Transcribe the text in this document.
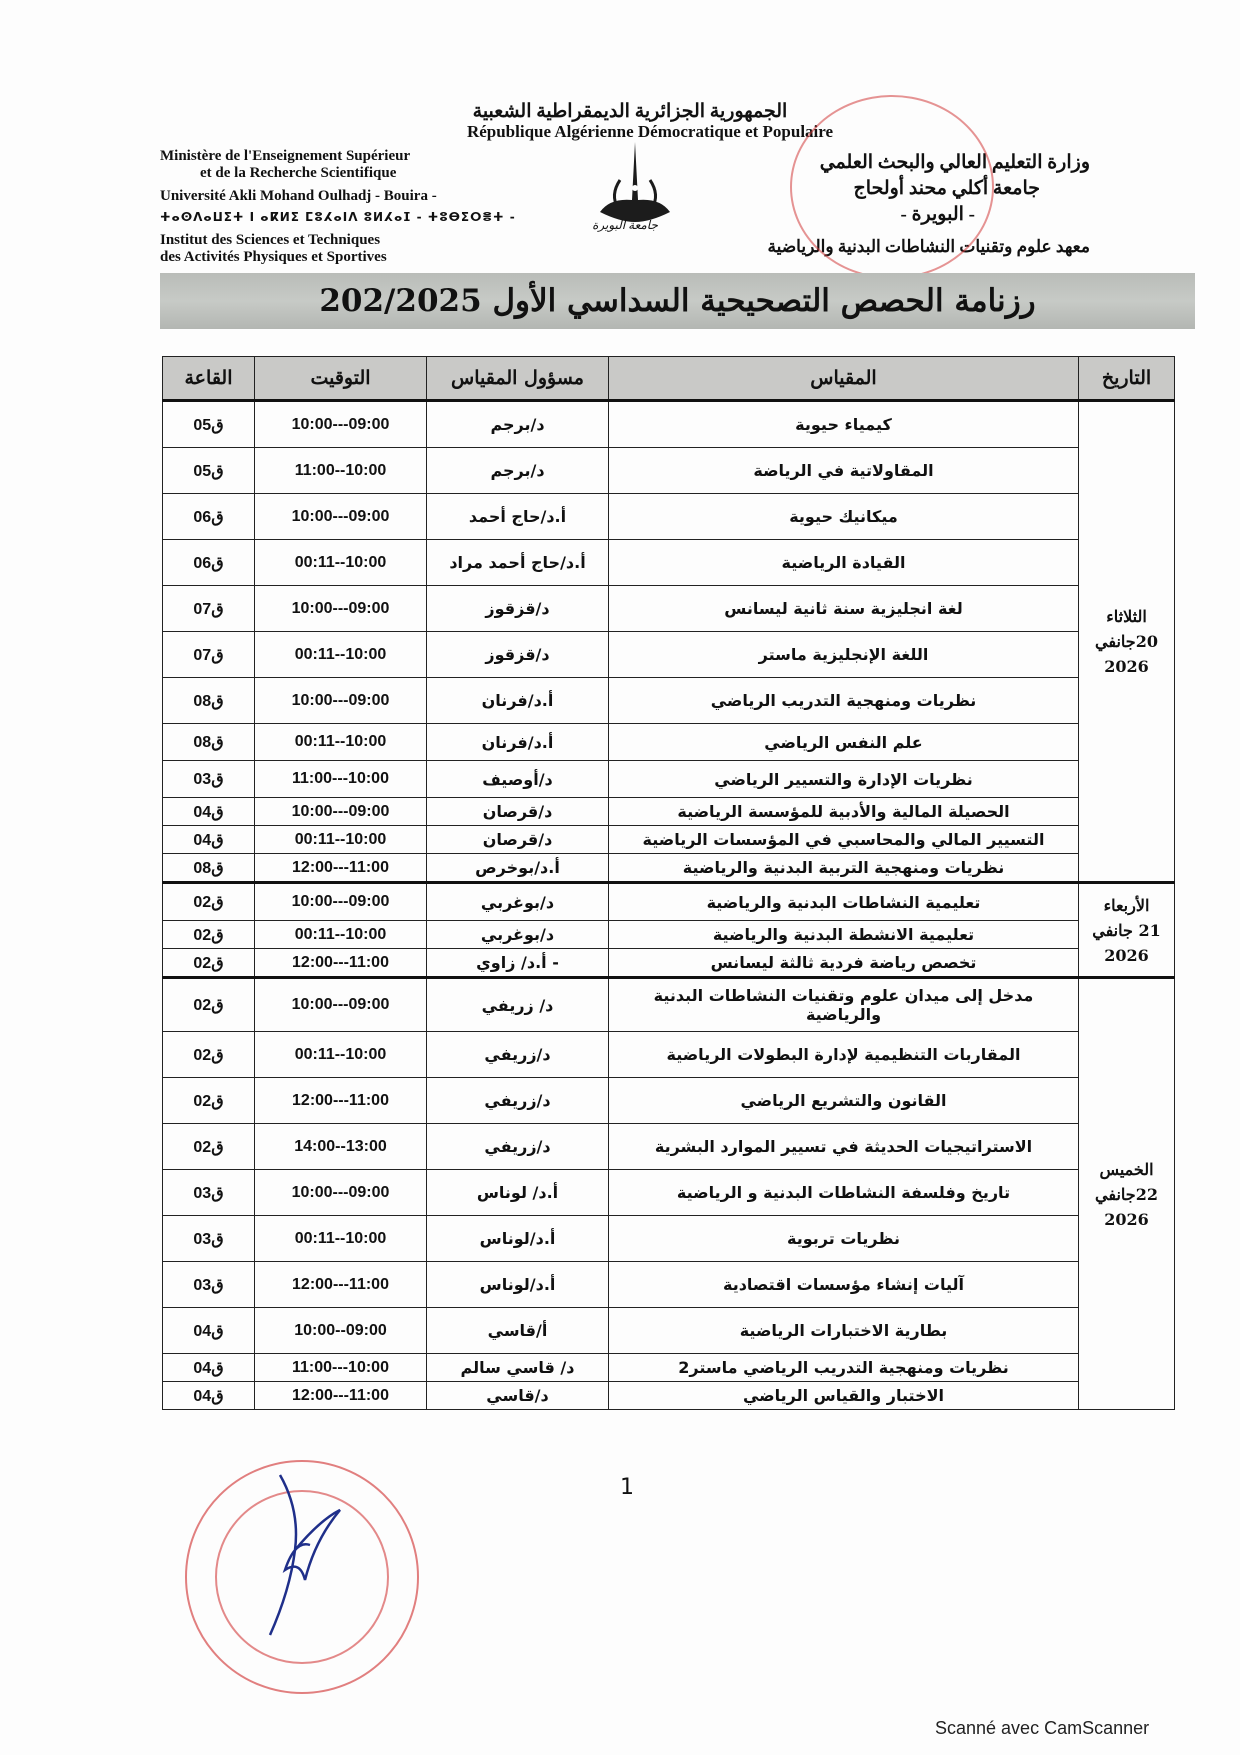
الجمهورية الجزائرية الديمقراطية الشعبية
République Algérienne Démocratique et Populaire
Ministère de l'Enseignement Supérieur

et de la Recherche Scientifique
Université Akli Mohand Oulhadj - Bouira -
ⵜⴰⵙⴷⴰⵡⵉⵜ ⵏ ⴰⴽⵍⵉ ⵎⵓⵃⴰⵏⴷ ⵓⵍⵃⴰⵊ - ⵜⵓⴱⵉⵔⴻⵜ -
Institut des Sciences et Techniques
des Activités Physiques et Sportives
جامعة البويرة
وزارة التعليم العالي والبحث العلمي
جامعة أكلي محند أولحاج
- البويرة -
معهد علوم وتقنيات النشاطات البدنية والرياضية
رزنامة الحصص التصحيحية السداسي الأول 202/2025
التاريخ	المقياس	مسؤول المقياس	التوقيت	القاعة

الثلاثاء
20جانفي
2026	كيمياء حيوية	د/برجم	10:00---09:00	ق05
	المقاولاتية في الرياضة	د/برجم	11:00--10:00	ق05
	ميكانيك حيوية	أ.د/حاج أحمد	10:00---09:00	ق06
	القيادة الرياضية	أ.د/حاج أحمد مراد	00:11--10:00	ق06
	لغة انجليزية سنة ثانية ليسانس	د/قزقوز	10:00---09:00	ق07
	اللغة الإنجليزية ماستر	د/قزقوز	00:11--10:00	ق07
	نظريات ومنهجية التدريب الرياضي	أ.د/فرنان	10:00---09:00	ق08
	علم النفس الرياضي	أ.د/فرنان	00:11--10:00	ق08
	نظريات الإدارة والتسيير الرياضي	د/أوصيف	11:00---10:00	ق03
	الحصيلة المالية والأدبية للمؤسسة الرياضية	د/قرصان	10:00---09:00	ق04
	التسيير المالي والمحاسبي في المؤسسات الرياضية	د/قرصان	00:11--10:00	ق04
	نظريات ومنهجية التربية البدنية والرياضية	أ.د/بوخرص	12:00---11:00	ق08

الأربعاء
21 جانفي
2026	تعليمية النشاطات البدنية والرياضية	د/بوغربي	10:00---09:00	ق02
	تعليمية الانشطة البدنية والرياضية	د/بوغربي	00:11--10:00	ق02
	تخصص رياضة فردية ثالثة ليسانس	- أ.د/ زاوي	12:00---11:00	ق02

الخميس
22جانفي
2026	مدخل إلى ميدان علوم وتقنيات النشاطات البدنية والرياضية	د/ زريفي	10:00---09:00	ق02
	المقاربات التنظيمية لإدارة البطولات الرياضية	د/زريفي	00:11--10:00	ق02
	القانون والتشريع الرياضي	د/زريفي	12:00---11:00	ق02
	الاستراتيجيات الحديثة في تسيير الموارد البشرية	د/زريفي	14:00--13:00	ق02
	تاريخ وفلسفة النشاطات البدنية و الرياضية	أ.د/ لوناس	10:00---09:00	ق03
	نظريات تربوية	أ.د/لوناس	00:11--10:00	ق03
	آليات إنشاء مؤسسات اقتصادية	أ.د/لوناس	12:00---11:00	ق03
	بطارية الاختبارات الرياضية	أ/قاسي	10:00--09:00	ق04
	نظريات ومنهجية التدريب الرياضي ماستر2	د/ قاسي سالم	11:00---10:00	ق04
	الاختبار والقياس الرياضي	د/قاسي	12:00---11:00	ق04
1
Scanné avec CamScanner
